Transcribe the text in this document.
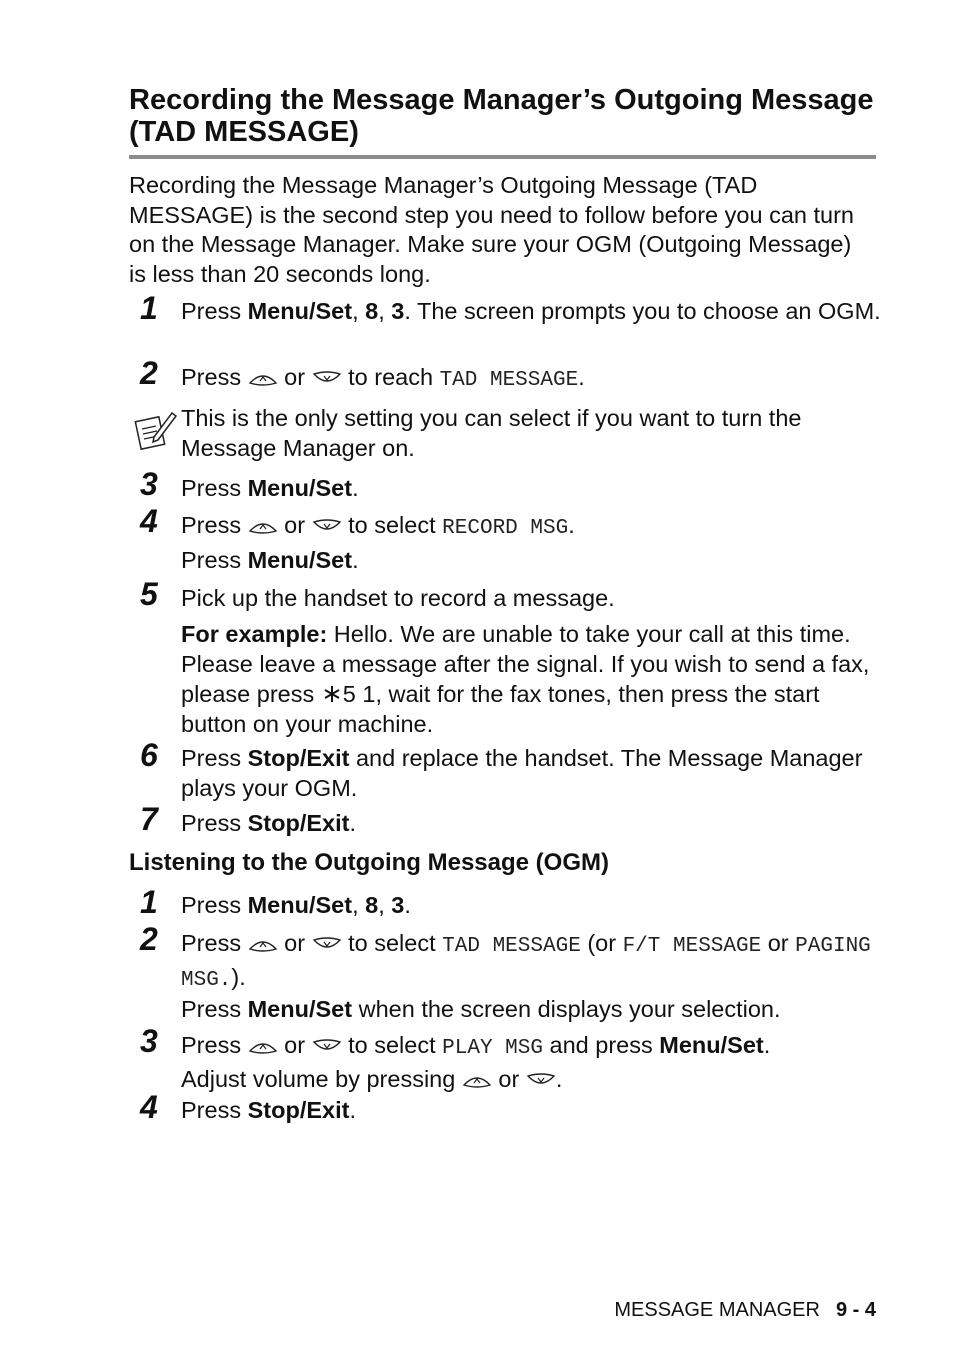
Recording the Message Manager’s Outgoing Message (TAD MESSAGE)

Recording the Message Manager’s Outgoing Message (TAD MESSAGE) is the second step you need to follow before you can turn on the Message Manager. Make sure your OGM (Outgoing Message) is less than 20 seconds long.

1 Press Menu/Set, 8, 3. The screen prompts you to choose an OGM.

2 Press or to reach TAD MESSAGE.

This is the only setting you can select if you want to turn the Message Manager on.

3 Press Menu/Set.

4 Press or to select RECORD MSG.

Press Menu/Set.

5 Pick up the handset to record a message.

For example: Hello. We are unable to take your call at this time. Please leave a message after the signal. If you wish to send a fax, please press 5 1, wait for the fax tones, then press the start button on your machine.

6 Press Stop/Exit and replace the handset. The Message Manager plays your OGM.

7 Press Stop/Exit.

Listening to the Outgoing Message (OGM)
1 Press Menu/Set, 8, 3.

2 Press or to select TAD MESSAGE (or F/T MESSAGE or PAGING MSG.).

Press Menu/Set when the screen displays your selection.

3 Press or to select PLAY MSG and press Menu/Set.
Adjust volume by pressing or .

4 Press Stop/Exit.

MESSAGE MANAGER 9 - 4
